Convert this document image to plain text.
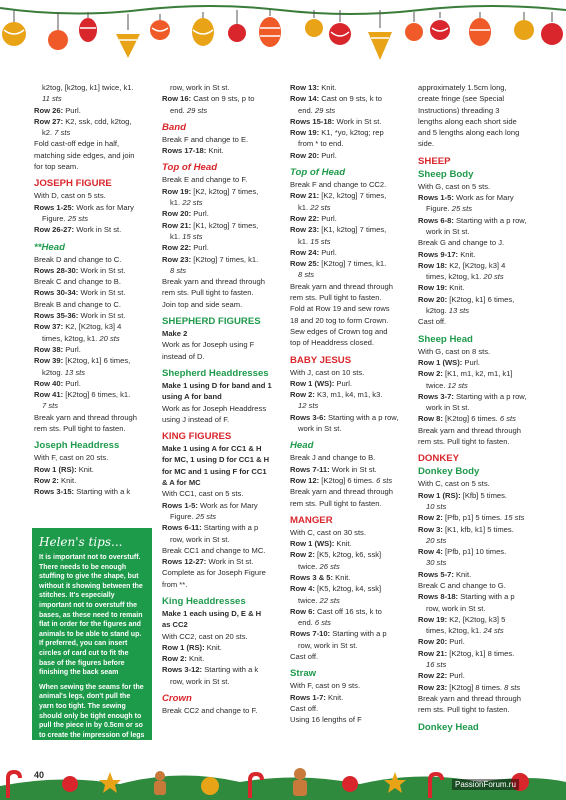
k2tog, [k2tog, k1] twice, k1.
11 sts
Row 26: Purl.
Row 27: K2, ssk, cdd, k2tog,
k2. 7 sts
Fold cast-off edge in half,
matching side edges, and join
for top seam.
JOSEPH FIGURE
With D, cast on 5 sts.
Rows 1-25: Work as for Mary
Figure. 25 sts
Row 26-27: Work in St st.
**Head
Break D and change to C.
Rows 28-30: Work in St st.
Break C and change to B.
Rows 30-34: Work in St st.
Break B and change to C.
Rows 35-36: Work in St st.
Row 37: K2, [K2tog, k3] 4
times, k2tog, k1. 20 sts
Row 38: Purl.
Row 39: [K2tog, k1] 6 times,
k2tog. 13 sts
Row 40: Purl.
Row 41: [K2tog] 6 times, k1.
7 sts
Break yarn and thread through
rem sts. Pull tight to fasten.
Joseph Headdress
With F, cast on 20 sts.
Row 1 (RS): Knit.
Row 2: Knit.
Rows 3-15: Starting with a k
row, work in St st.
Row 16: Cast on 9 sts, p to
end. 29 sts
Band
Break F and change to E.
Rows 17-18: Knit.
Top of Head
Break E and change to F.
Row 19: [K2, k2tog] 7 times,
k1. 22 sts
Row 20: Purl.
Row 21: [K1, k2tog] 7 times,
k1. 15 sts
Row 22: Purl.
Row 23: [K2tog] 7 times, k1.
8 sts
Break yarn and thread through
rem sts. Pull tight to fasten.
Join top and side seam.
SHEPHERD FIGURES
Make 2
Work as for Joseph using F
instead of D.
Shepherd Headdresses
Make 1 using D for band and 1
using A for band
Work as for Joseph Headdress
using J instead of F.
KING FIGURES
Make 1 using A for CC1 & H
for MC, 1 using D for CC1 & H
for MC and 1 using F for CC1
& A for MC
With CC1, cast on 5 sts.
Rows 1-5: Work as for Mary
Figure. 25 sts
Rows 6-11: Starting with a p
row, work in St st.
Break CC1 and change to MC.
Rows 12-27: Work in St st.
Complete as for Joseph Figure
from **.
King Headdresses
Make 1 each using D, E & H
as CC2
With CC2, cast on 20 sts.
Row 1 (RS): Knit.
Row 2: Knit.
Rows 3-12: Starting with a k
row, work in St st.
Crown
Break CC2 and change to F.
Row 13: Knit.
Row 14: Cast on 9 sts, k to
end. 29 sts
Rows 15-18: Work in St st.
Row 19: K1, *yo, k2tog; rep
from * to end.
Row 20: Purl.
Top of Head
Break F and change to CC2.
Row 21: [K2, k2tog] 7 times,
k1. 22 sts
Row 22: Purl.
Row 23: [K1, k2tog] 7 times,
k1. 15 sts
Row 24: Purl.
Row 25: [K2tog] 7 times, k1.
8 sts
Break yarn and thread through
rem sts. Pull tight to fasten.
Fold at Row 19 and sew rows
18 and 20 tog to form Crown.
Sew edges of Crown tog and
top of Headdress closed.
BABY JESUS
With J, cast on 10 sts.
Row 1 (WS): Purl.
Row 2: K3, m1, k4, m1, k3.
12 sts
Rows 3-6: Starting with a p row,
work in St st.
Head
Break J and change to B.
Rows 7-11: Work in St st.
Row 12: [K2tog] 6 times. 6 sts
Break yarn and thread through
rem sts. Pull tight to fasten.
MANGER
With C, cast on 30 sts.
Row 1 (WS): Knit.
Row 2: [K5, k2tog, k6, ssk]
twice. 26 sts
Rows 3 & 5: Knit.
Row 4: [K5, k2tog, k4, ssk]
twice. 22 sts
Row 6: Cast off 16 sts, k to
end. 6 sts
Rows 7-10: Starting with a p
row, work in St st.
Cast off.
Straw
With F, cast on 9 sts.
Rows 1-7: Knit.
Cast off.
Using 16 lengths of F
approximately 1.5cm long,
create fringe (see Special
Instructions) threading 3
lengths along each short side
and 5 lengths along each long
side.
SHEEP
Sheep Body
With G, cast on 5 sts.
Rows 1-5: Work as for Mary
Figure. 25 sts
Rows 6-8: Starting with a p row,
work in St st.
Break G and change to J.
Rows 9-17: Knit.
Row 18: K2, [K2tog, k3] 4
times, k2tog, k1. 20 sts
Row 19: Knit.
Row 20: [K2tog, k1] 6 times,
k2tog. 13 sts
Cast off.
Sheep Head
With G, cast on 8 sts.
Row 1 (WS): Purl.
Row 2: [K1, m1, k2, m1, k1]
twice. 12 sts
Rows 3-7: Starting with a p row,
work in St st.
Row 8: [K2tog] 6 times. 6 sts
Break yarn and thread through
rem sts. Pull tight to fasten.
DONKEY
Donkey Body
With C, cast on 5 sts.
Row 1 (RS): [Kfb] 5 times.
10 sts
Row 2: [Pfb, p1] 5 times. 15 sts
Row 3: [K1, kfb, k1] 5 times.
20 sts
Row 4: [Pfb, p1] 10 times.
30 sts
Rows 5-7: Knit.
Break C and change to G.
Rows 8-18: Starting with a p
row, work in St st.
Row 19: K2, [K2tog, k3] 5
times, k2tog, k1. 24 sts
Row 20: Purl.
Row 21: [K2tog, k1] 8 times.
16 sts
Row 22: Purl.
Row 23: [K2tog] 8 times. 8 sts
Break yarn and thread through
rem sts. Pull tight to fasten.
Donkey Head
Helen's tips...

It is important not to overstuff. There needs to be enough stuffing to give the shape, but without it showing between the stitches. It's especially important not to overstuff the bases, as these need to remain flat in order for the figures and animals to be able to stand up. If preferred, you can insert circles of card cut to fit the base of the figures before finishing the back seam

When sewing the seams for the animal's legs, don't pull the yarn too tight. The sewing should only be tight enough to pull the piece in by 0.5cm or so to create the impression of legs

40
PassionForum.ru
